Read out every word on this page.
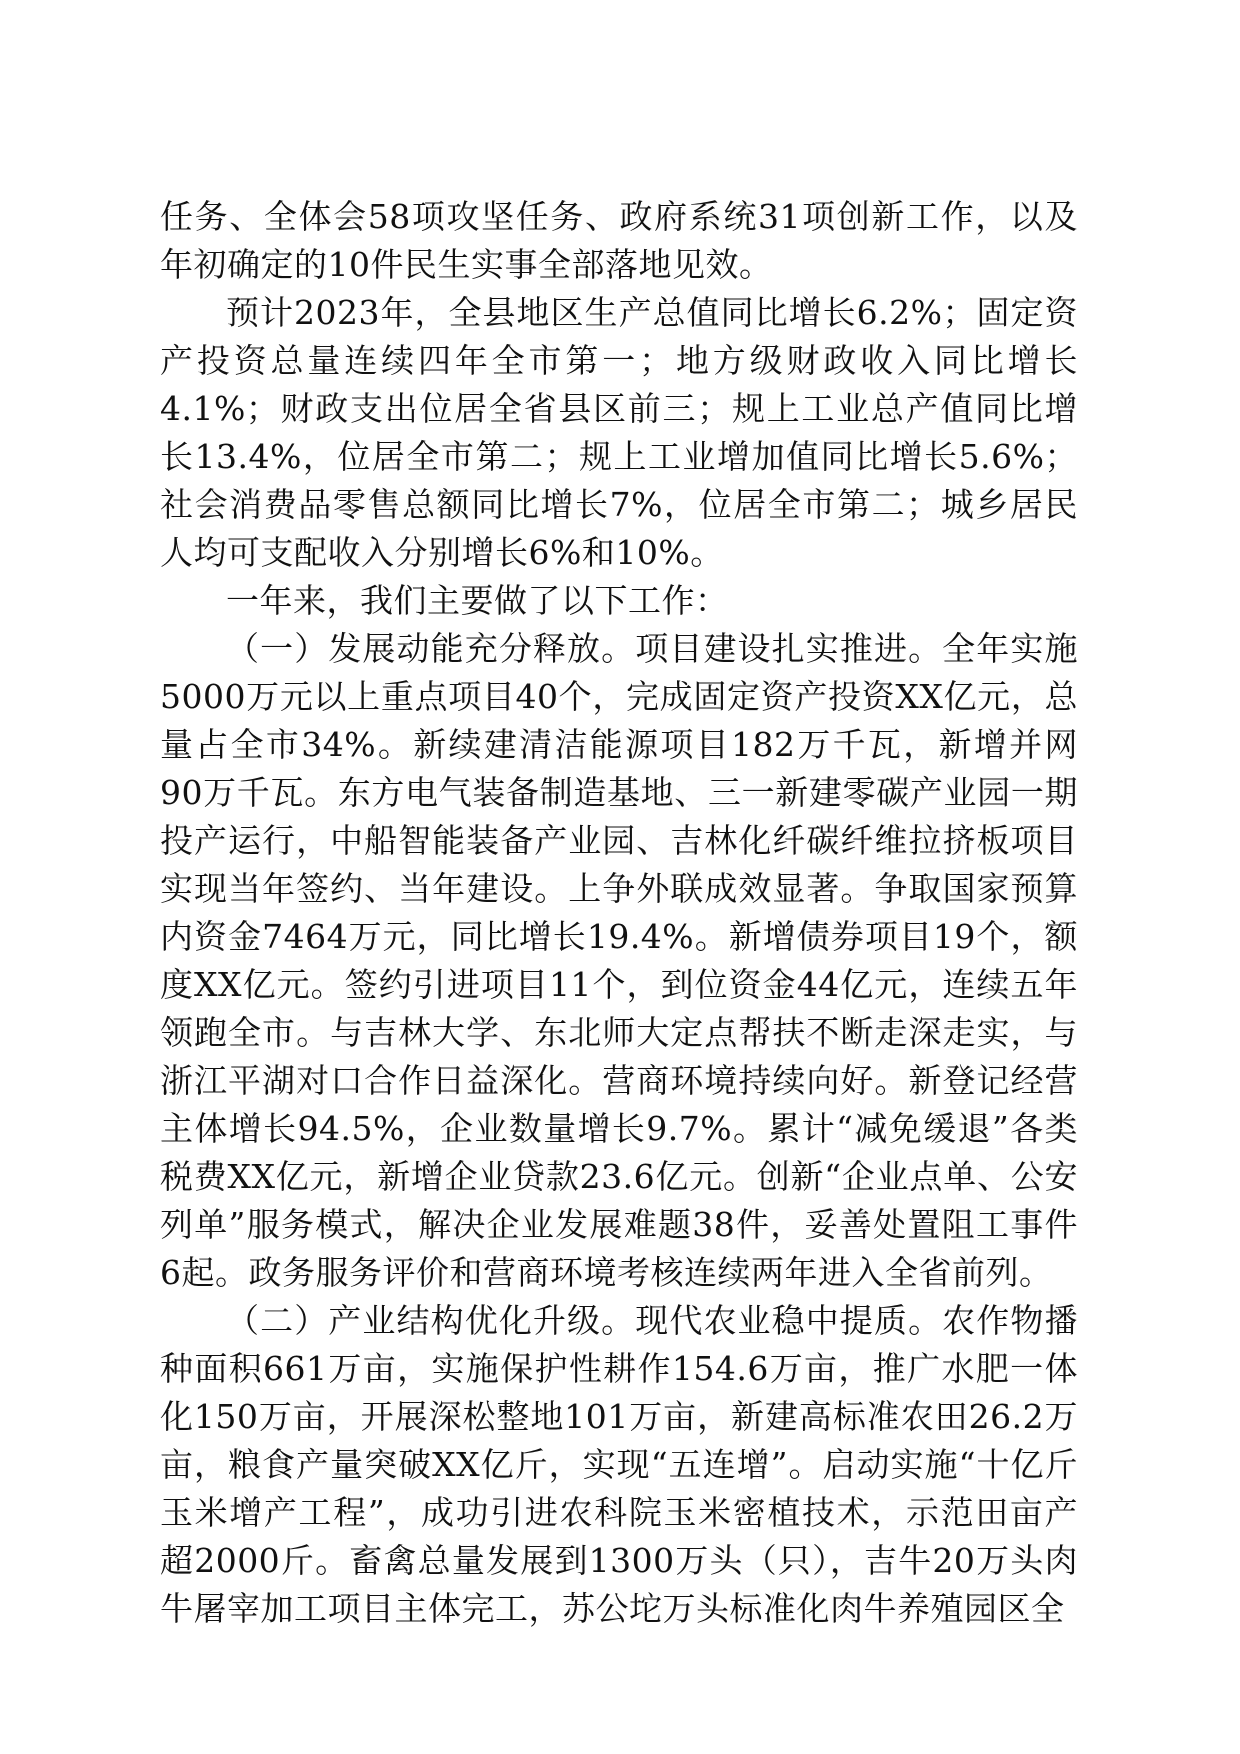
任务、全体会58项攻坚任务、政府系统31项创新工作，以及年初确定的10件民生实事全部落地见效。

预计2023年，全县地区生产总值同比增长6.2%；固定资产投资总量连续四年全市第一；地方级财政收入同比增长4.1%；财政支出位居全省县区前三；规上工业总产值同比增长13.4%，位居全市第二；规上工业增加值同比增长5.6%；社会消费品零售总额同比增长7%，位居全市第二；城乡居民人均可支配收入分别增长6%和10%。

一年来，我们主要做了以下工作：

（一）发展动能充分释放。项目建设扎实推进。全年实施5000万元以上重点项目40个，完成固定资产投资XX亿元，总量占全市34%。新续建清洁能源项目182万千瓦，新增并网90万千瓦。东方电气装备制造基地、三一新建零碳产业园一期投产运行，中船智能装备产业园、吉林化纤碳纤维拉挤板项目实现当年签约、当年建设。上争外联成效显著。争取国家预算内资金7464万元，同比增长19.4%。新增债券项目19个，额度XX亿元。签约引进项目11个，到位资金44亿元，连续五年领跑全市。与吉林大学、东北师大定点帮扶不断走深走实，与浙江平湖对口合作日益深化。营商环境持续向好。新登记经营主体增长94.5%，企业数量增长9.7%。累计“减免缓退”各类税费XX亿元，新增企业贷款23.6亿元。创新“企业点单、公安列单”服务模式，解决企业发展难题38件，妥善处置阻工事件6起。政务服务评价和营商环境考核连续两年进入全省前列。

（二）产业结构优化升级。现代农业稳中提质。农作物播种面积661万亩，实施保护性耕作154.6万亩，推广水肥一体化150万亩，开展深松整地101万亩，新建高标准农田26.2万亩，粮食产量突破XX亿斤，实现“五连增”。启动实施“十亿斤玉米增产工程”，成功引进农科院玉米密植技术，示范田亩产超2000斤。畜禽总量发展到1300万头（只），吉牛20万头肉牛屠宰加工项目主体完工，苏公坨万头标准化肉牛养殖园区全
